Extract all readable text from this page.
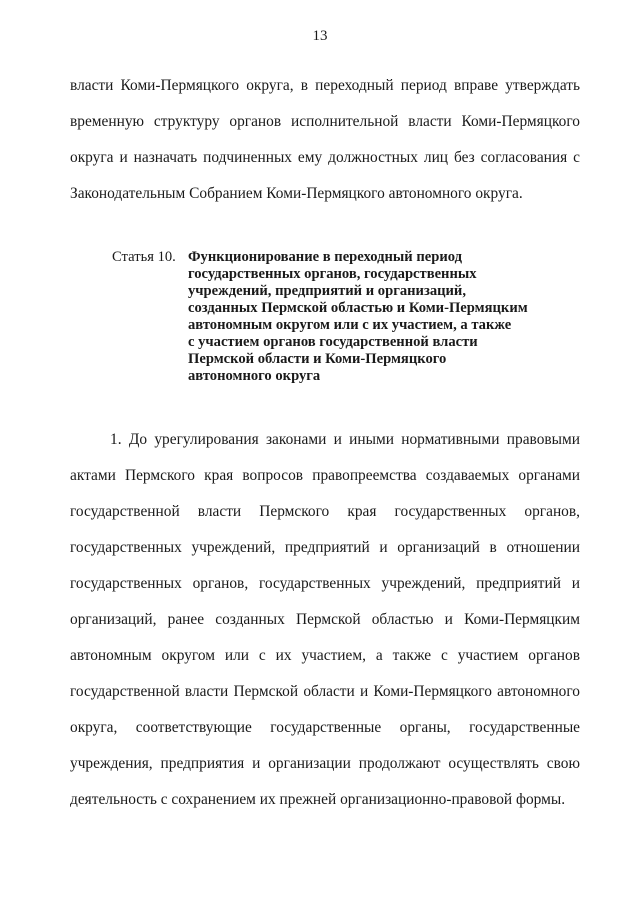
13
власти Коми-Пермяцкого округа, в переходный период вправе утверждать
временную структуру органов исполнительной власти Коми-Пермяцкого
округа и назначать подчиненных ему должностных лиц без согласования с
Законодательным Собранием Коми-Пермяцкого автономного округа.
Статья 10. Функционирование в переходный период
государственных органов, государственных
учреждений, предприятий и организаций,
созданных Пермской областью и Коми-Пермяцким
автономным округом или с их участием, а также
с участием органов государственной власти
Пермской области и Коми-Пермяцкого
автономного округа
1. До урегулирования законами и иными нормативными правовыми
актами Пермского края вопросов правопреемства создаваемых органами
государственной власти Пермского края государственных органов,
государственных учреждений, предприятий и организаций в отношении
государственных органов, государственных учреждений, предприятий и
организаций, ранее созданных Пермской областью и Коми-Пермяцким
автономным округом или с их участием, а также с участием органов
государственной власти Пермской области и Коми-Пермяцкого автономного
округа, соответствующие государственные органы, государственные
учреждения, предприятия и организации продолжают осуществлять свою
деятельность с сохранением их прежней организационно-правовой формы.
